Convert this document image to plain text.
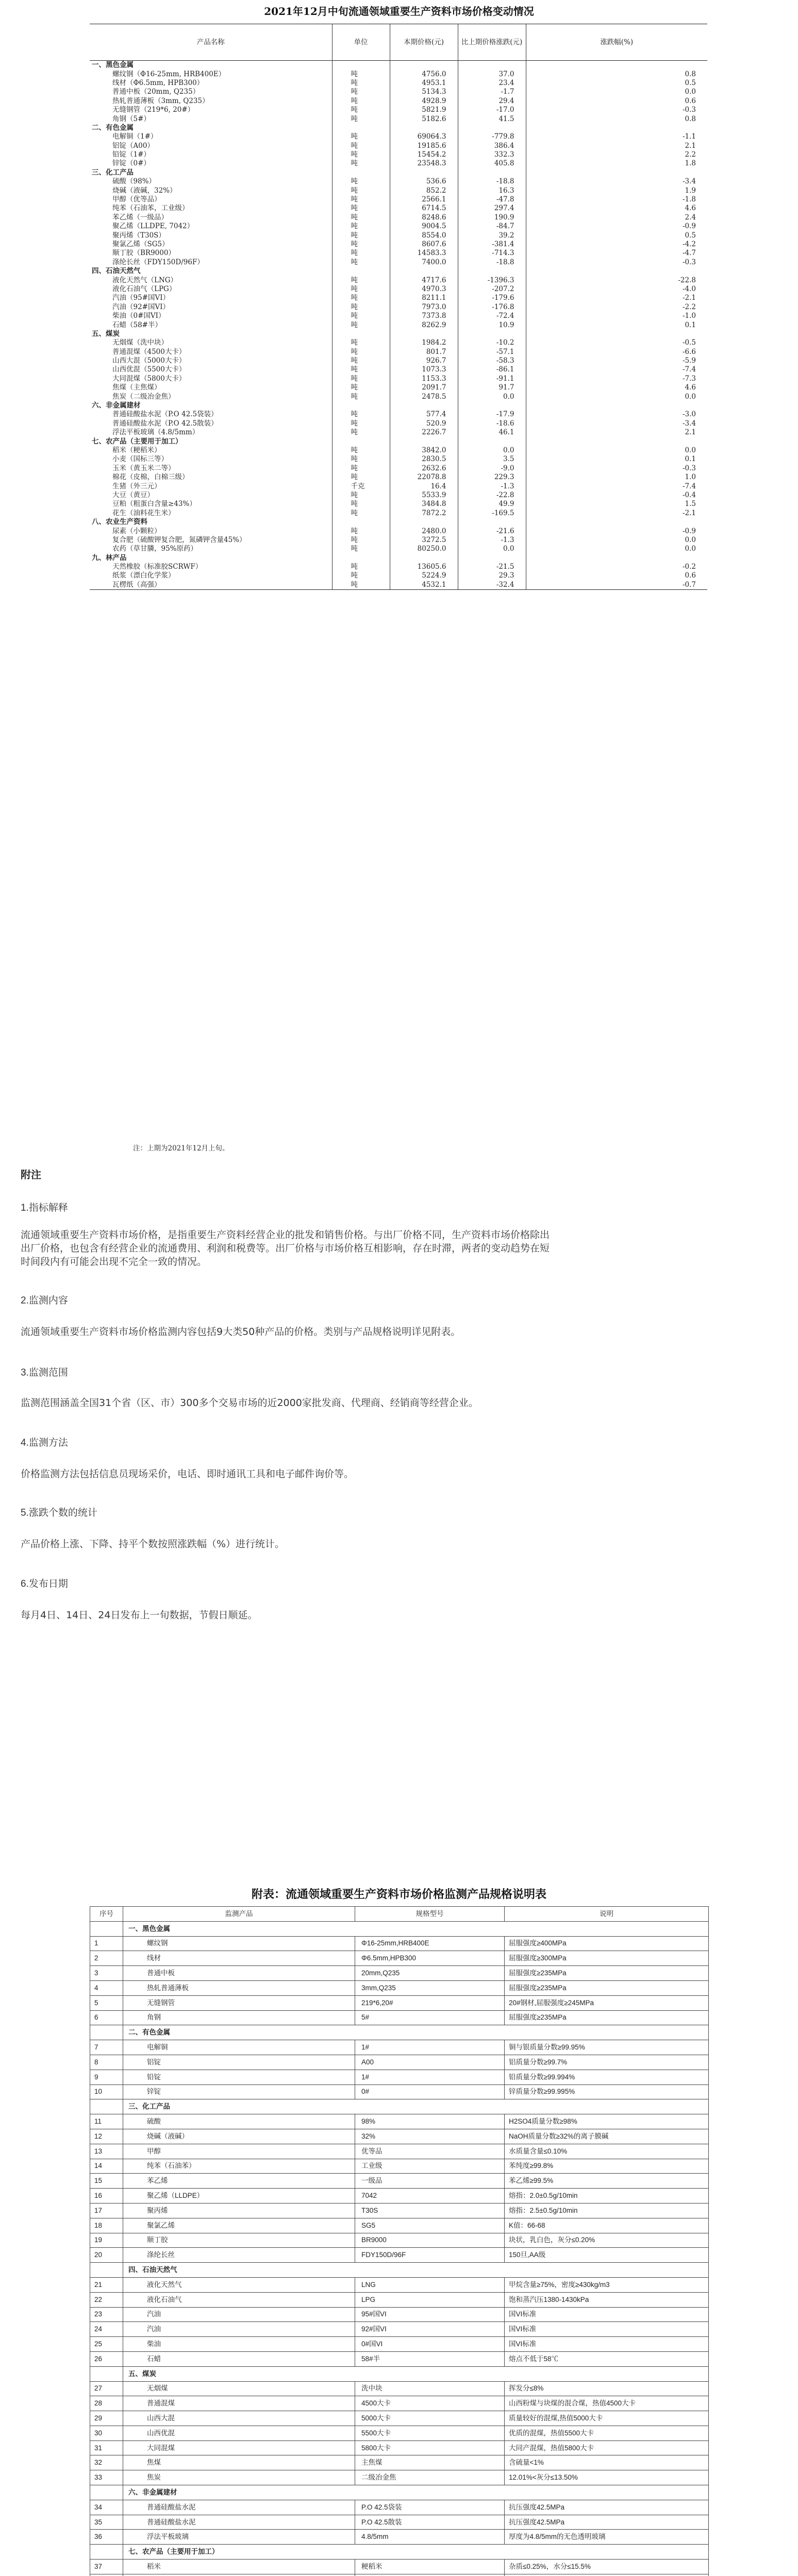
2021年12月中旬流通领域重要生产资料市场价格变动情况
产品名称	单位	本期价格(元)	比上期价格涨跌(元)	涨跌幅(%)
一、黑色金属				
螺纹钢（Φ16-25mm, HRB400E）	吨	4756.0	37.0	0.8
线材（Φ6.5mm, HPB300）	吨	4953.1	23.4	0.5
普通中板（20mm, Q235）	吨	5134.3	-1.7	0.0
热轧普通薄板（3mm, Q235）	吨	4928.9	29.4	0.6
无缝钢管（219*6, 20#）	吨	5821.9	-17.0	-0.3
角钢（5#）	吨	5182.6	41.5	0.8
二、有色金属				
电解铜（1#）	吨	69064.3	-779.8	-1.1
铝锭（A00）	吨	19185.6	386.4	2.1
铅锭（1#）	吨	15454.2	332.3	2.2
锌锭（0#）	吨	23548.3	405.8	1.8
三、化工产品				
硫酸（98%）	吨	536.6	-18.8	-3.4
烧碱（液碱，32%）	吨	852.2	16.3	1.9
甲醇（优等品）	吨	2566.1	-47.8	-1.8
纯苯（石油苯，工业级）	吨	6714.5	297.4	4.6
苯乙烯（一级品）	吨	8248.6	190.9	2.4
聚乙烯（LLDPE, 7042）	吨	9004.5	-84.7	-0.9
聚丙烯（T30S）	吨	8554.0	39.2	0.5
聚氯乙烯（SG5）	吨	8607.6	-381.4	-4.2
顺丁胶（BR9000）	吨	14583.3	-714.3	-4.7
涤纶长丝（FDY150D/96F）	吨	7400.0	-18.8	-0.3
四、石油天然气				
液化天然气（LNG）	吨	4717.6	-1396.3	-22.8
液化石油气（LPG）	吨	4970.3	-207.2	-4.0
汽油（95#国VI）	吨	8211.1	-179.6	-2.1
汽油（92#国VI）	吨	7973.0	-176.8	-2.2
柴油（0#国VI）	吨	7373.8	-72.4	-1.0
石蜡（58#半）	吨	8262.9	10.9	0.1
五、煤炭				
无烟煤（洗中块）	吨	1984.2	-10.2	-0.5
普通混煤（4500大卡）	吨	801.7	-57.1	-6.6
山西大混（5000大卡）	吨	926.7	-58.3	-5.9
山西优混（5500大卡）	吨	1073.3	-86.1	-7.4
大同混煤（5800大卡）	吨	1153.3	-91.1	-7.3
焦煤（主焦煤）	吨	2091.7	91.7	4.6
焦炭（二级冶金焦）	吨	2478.5	0.0	0.0
六、非金属建材				
普通硅酸盐水泥（P.O 42.5袋装）	吨	577.4	-17.9	-3.0
普通硅酸盐水泥（P.O 42.5散装）	吨	520.9	-18.6	-3.4
浮法平板玻璃（4.8/5mm）	吨	2226.7	46.1	2.1
七、农产品（主要用于加工）				
稻米（粳稻米）	吨	3842.0	0.0	0.0
小麦（国标三等）	吨	2830.5	3.5	0.1
玉米（黄玉米二等）	吨	2632.6	-9.0	-0.3
棉花（皮棉，白棉三级）	吨	22078.8	229.3	1.0
生猪（外三元）	千克	16.4	-1.3	-7.4
大豆（黄豆）	吨	5533.9	-22.8	-0.4
豆粕（粗蛋白含量≥43%）	吨	3484.8	49.9	1.5
花生（油料花生米）	吨	7872.2	-169.5	-2.1
八、农业生产资料				
尿素（小颗粒）	吨	2480.0	-21.6	-0.9
复合肥（硫酸钾复合肥，氮磷钾含量45%）	吨	3272.5	-1.3	0.0
农药（草甘膦，95%原药）	吨	80250.0	0.0	0.0
九、林产品				
天然橡胶（标准胶SCRWF）	吨	13605.6	-21.5	-0.2
纸浆（漂白化学浆）	吨	5224.9	29.3	0.6
瓦楞纸（高强）	吨	4532.1	-32.4	-0.7
注：上期为2021年12月上旬。
附注
1.指标解释
流通领域重要生产资料市场价格，是指重要生产资料经营企业的批发和销售价格。与出厂价格不同，生产资料市场价格除出
出厂价格，也包含有经营企业的流通费用、利润和税费等。出厂价格与市场价格互相影响，存在时滞，两者的变动趋势在短
时间段内有可能会出现不完全一致的情况。
2.监测内容
流通领域重要生产资料市场价格监测内容包括9大类50种产品的价格。类别与产品规格说明详见附表。
3.监测范围
监测范围涵盖全国31个省（区、市）300多个交易市场的近2000家批发商、代理商、经销商等经营企业。
4.监测方法
价格监测方法包括信息员现场采价，电话、即时通讯工具和电子邮件询价等。
5.涨跌个数的统计
产品价格上涨、下降、持平个数按照涨跌幅（%）进行统计。
6.发布日期
每月4日、14日、24日发布上一旬数据，节假日顺延。
附表：流通领域重要生产资料市场价格监测产品规格说明表
序号	监测产品	规格型号	说明
	一、黑色金属		
1	螺纹钢	Φ16-25mm,HRB400E	屈服强度≥400MPa
2	线材	Φ6.5mm,HPB300	屈服强度≥300MPa
3	普通中板	20mm,Q235	屈服强度≥235MPa
4	热轧普通薄板	3mm,Q235	屈服强度≥235MPa
5	无缝钢管	219*6,20#	20#钢材,屈服强度≥245MPa
6	角钢	5#	屈服强度≥235MPa
	二、有色金属		
7	电解铜	1#	铜与银质量分数≥99.95%
8	铝锭	A00	铝质量分数≥99.7%
9	铅锭	1#	铅质量分数≥99.994%
10	锌锭	0#	锌质量分数≥99.995%
	三、化工产品		
11	硫酸	98%	H2SO4质量分数≥98%
12	烧碱（液碱）	32%	NaOH质量分数≥32%的离子膜碱
13	甲醇	优等品	水质量含量≤0.10%
14	纯苯（石油苯）	工业级	苯纯度≥99.8%
15	苯乙烯	一级品	苯乙烯≥99.5%
16	聚乙烯（LLDPE）	7042	熔指：2.0±0.5g/10min
17	聚丙烯	T30S	熔指：2.5±0.5g/10min
18	聚氯乙烯	SG5	K值：66-68
19	顺丁胶	BR9000	块状，乳白色，灰分≤0.20%
20	涤纶长丝	FDY150D/96F	150旦,AA级
	四、石油天然气		
21	液化天然气	LNG	甲烷含量≥75%，密度≥430kg/m3
22	液化石油气	LPG	饱和蒸汽压1380-1430kPa
23	汽油	95#国VI	国VI标准
24	汽油	92#国VI	国VI标准
25	柴油	0#国VI	国VI标准
26	石蜡	58#半	熔点不低于58℃
	五、煤炭		
27	无烟煤	洗中块	挥发分≤8%
28	普通混煤	4500大卡	山西粉煤与块煤的混合煤，热值4500大卡
29	山西大混	5000大卡	质量较好的混煤,热值5000大卡
30	山西优混	5500大卡	优质的混煤，热值5500大卡
31	大同混煤	5800大卡	大同产混煤，热值5800大卡
32	焦煤	主焦煤	含硫量<1%
33	焦炭	二级冶金焦	12.01%<灰分≤13.50%
	六、非金属建材		
34	普通硅酸盐水泥	P.O 42.5袋装	抗压强度42.5MPa
35	普通硅酸盐水泥	P.O 42.5散装	抗压强度42.5MPa
36	浮法平板玻璃	4.8/5mm	厚度为4.8/5mm的无色透明玻璃
	七、农产品（主要用于加工）		
37	稻米	粳稻米	杂质≤0.25%，水分≤15.5%
